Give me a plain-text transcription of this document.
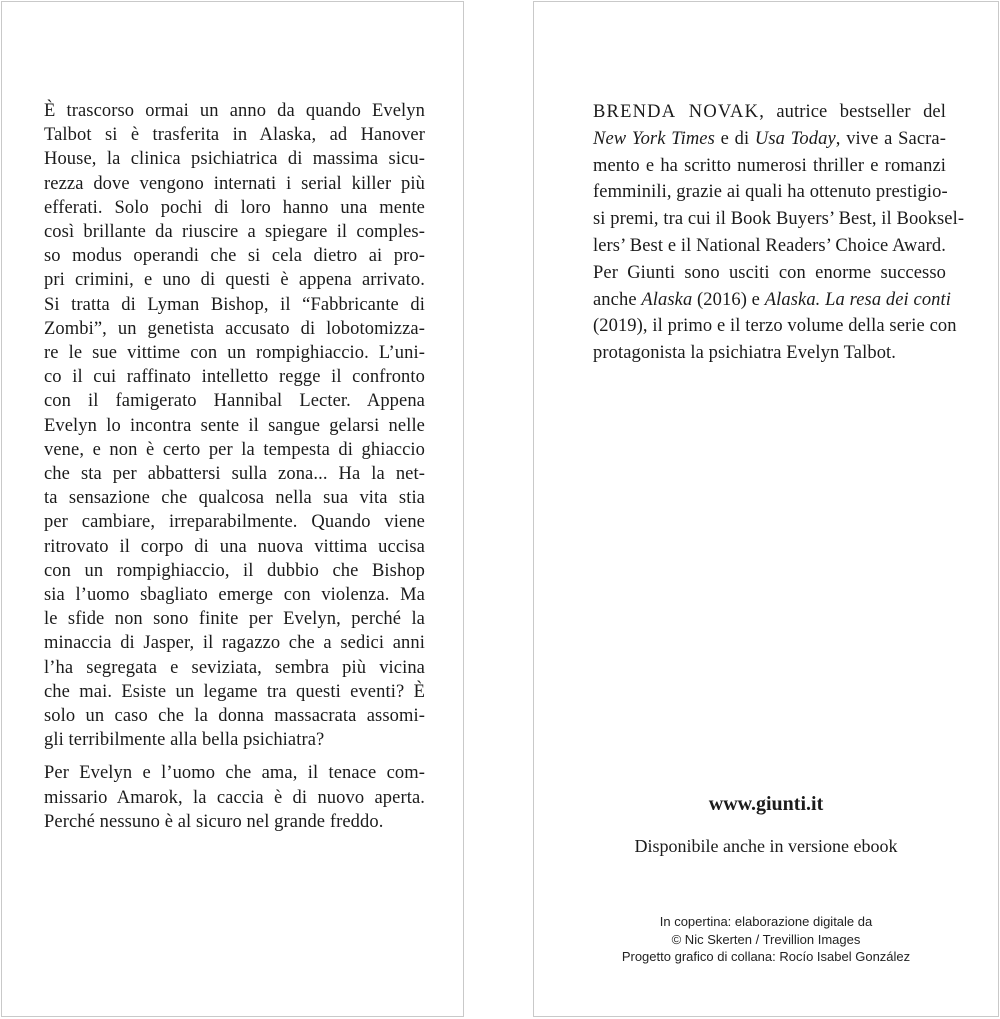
È trascorso ormai un anno da quando Evelyn
Talbot si è trasferita in Alaska, ad Hanover
House, la clinica psichiatrica di massima sicu-
rezza dove vengono internati i serial killer più
efferati. Solo pochi di loro hanno una mente
così brillante da riuscire a spiegare il comples-
so modus operandi che si cela dietro ai pro-
pri crimini, e uno di questi è appena arrivato.
Si tratta di Lyman Bishop, il “Fabbricante di
Zombi”, un genetista accusato di lobotomizza-
re le sue vittime con un rompighiaccio. L’uni-
co il cui raffinato intelletto regge il confronto
con il famigerato Hannibal Lecter. Appena
Evelyn lo incontra sente il sangue gelarsi nelle
vene, e non è certo per la tempesta di ghiaccio
che sta per abbattersi sulla zona... Ha la net-
ta sensazione che qualcosa nella sua vita stia
per cambiare, irreparabilmente. Quando viene
ritrovato il corpo di una nuova vittima uccisa
con un rompighiaccio, il dubbio che Bishop
sia l’uomo sbagliato emerge con violenza. Ma
le sfide non sono finite per Evelyn, perché la
minaccia di Jasper, il ragazzo che a sedici anni
l’ha segregata e seviziata, sembra più vicina
che mai. Esiste un legame tra questi eventi? È
solo un caso che la donna massacrata assomi-
gli terribilmente alla bella psichiatra?
Per Evelyn e l’uomo che ama, il tenace com-
missario Amarok, la caccia è di nuovo aperta.
Perché nessuno è al sicuro nel grande freddo.
BRENDA NOVAK, autrice bestseller del
New York Times e di Usa Today, vive a Sacra-
mento e ha scritto numerosi thriller e romanzi
femminili, grazie ai quali ha ottenuto prestigio-
si premi, tra cui il Book Buyers’ Best, il Booksel-
lers’ Best e il National Readers’ Choice Award.
Per Giunti sono usciti con enorme successo
anche Alaska (2016) e Alaska. La resa dei conti
(2019), il primo e il terzo volume della serie con
protagonista la psichiatra Evelyn Talbot.
www.giunti.it
Disponibile anche in versione ebook
In copertina: elaborazione digitale da
© Nic Skerten / Trevillion Images
Progetto grafico di collana: Rocío Isabel González
